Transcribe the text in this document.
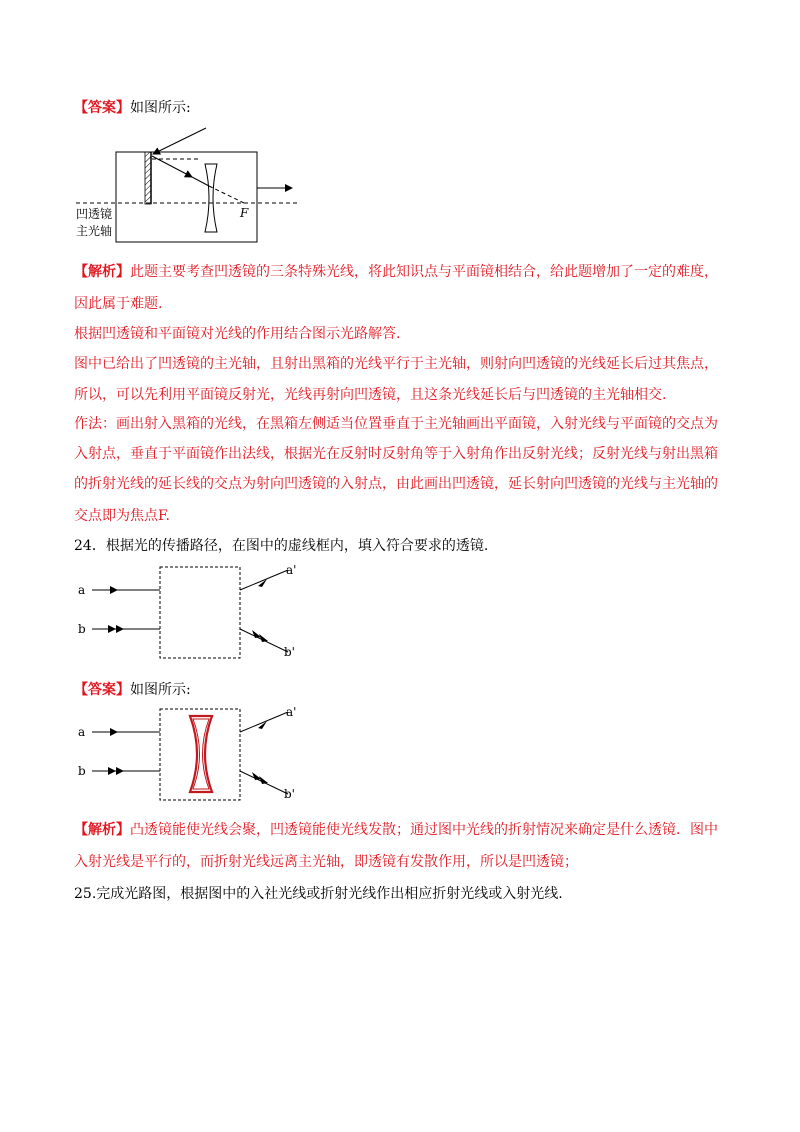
【答案】如图所示:
F
凹透镜
主光轴
【解析】此题主要考查凹透镜的三条特殊光线，将此知识点与平面镜相结合，给此题增加了一定的难度，
因此属于难题.
根据凹透镜和平面镜对光线的作用结合图示光路解答.
图中已给出了凹透镜的主光轴，且射出黑箱的光线平行于主光轴，则射向凹透镜的光线延长后过其焦点，
所以，可以先利用平面镜反射光，光线再射向凹透镜，且这条光线延长后与凹透镜的主光轴相交.
作法：画出射入黑箱的光线，在黑箱左侧适当位置垂直于主光轴画出平面镜，入射光线与平面镜的交点为
入射点，垂直于平面镜作出法线，根据光在反射时反射角等于入射角作出反射光线；反射光线与射出黑箱
的折射光线的延长线的交点为射向凹透镜的入射点，由此画出凹透镜，延长射向凹透镜的光线与主光轴的
交点即为焦点F.
24．根据光的传播路径，在图中的虚线框内，填入符合要求的透镜.
a
b
a'
b'
【答案】如图所示:
a
b
a'
b'
【解析】凸透镜能使光线会聚，凹透镜能使光线发散；通过图中光线的折射情况来确定是什么透镜．图中
入射光线是平行的，而折射光线远离主光轴，即透镜有发散作用，所以是凹透镜；
25.完成光路图，根据图中的入社光线或折射光线作出相应折射光线或入射光线.
